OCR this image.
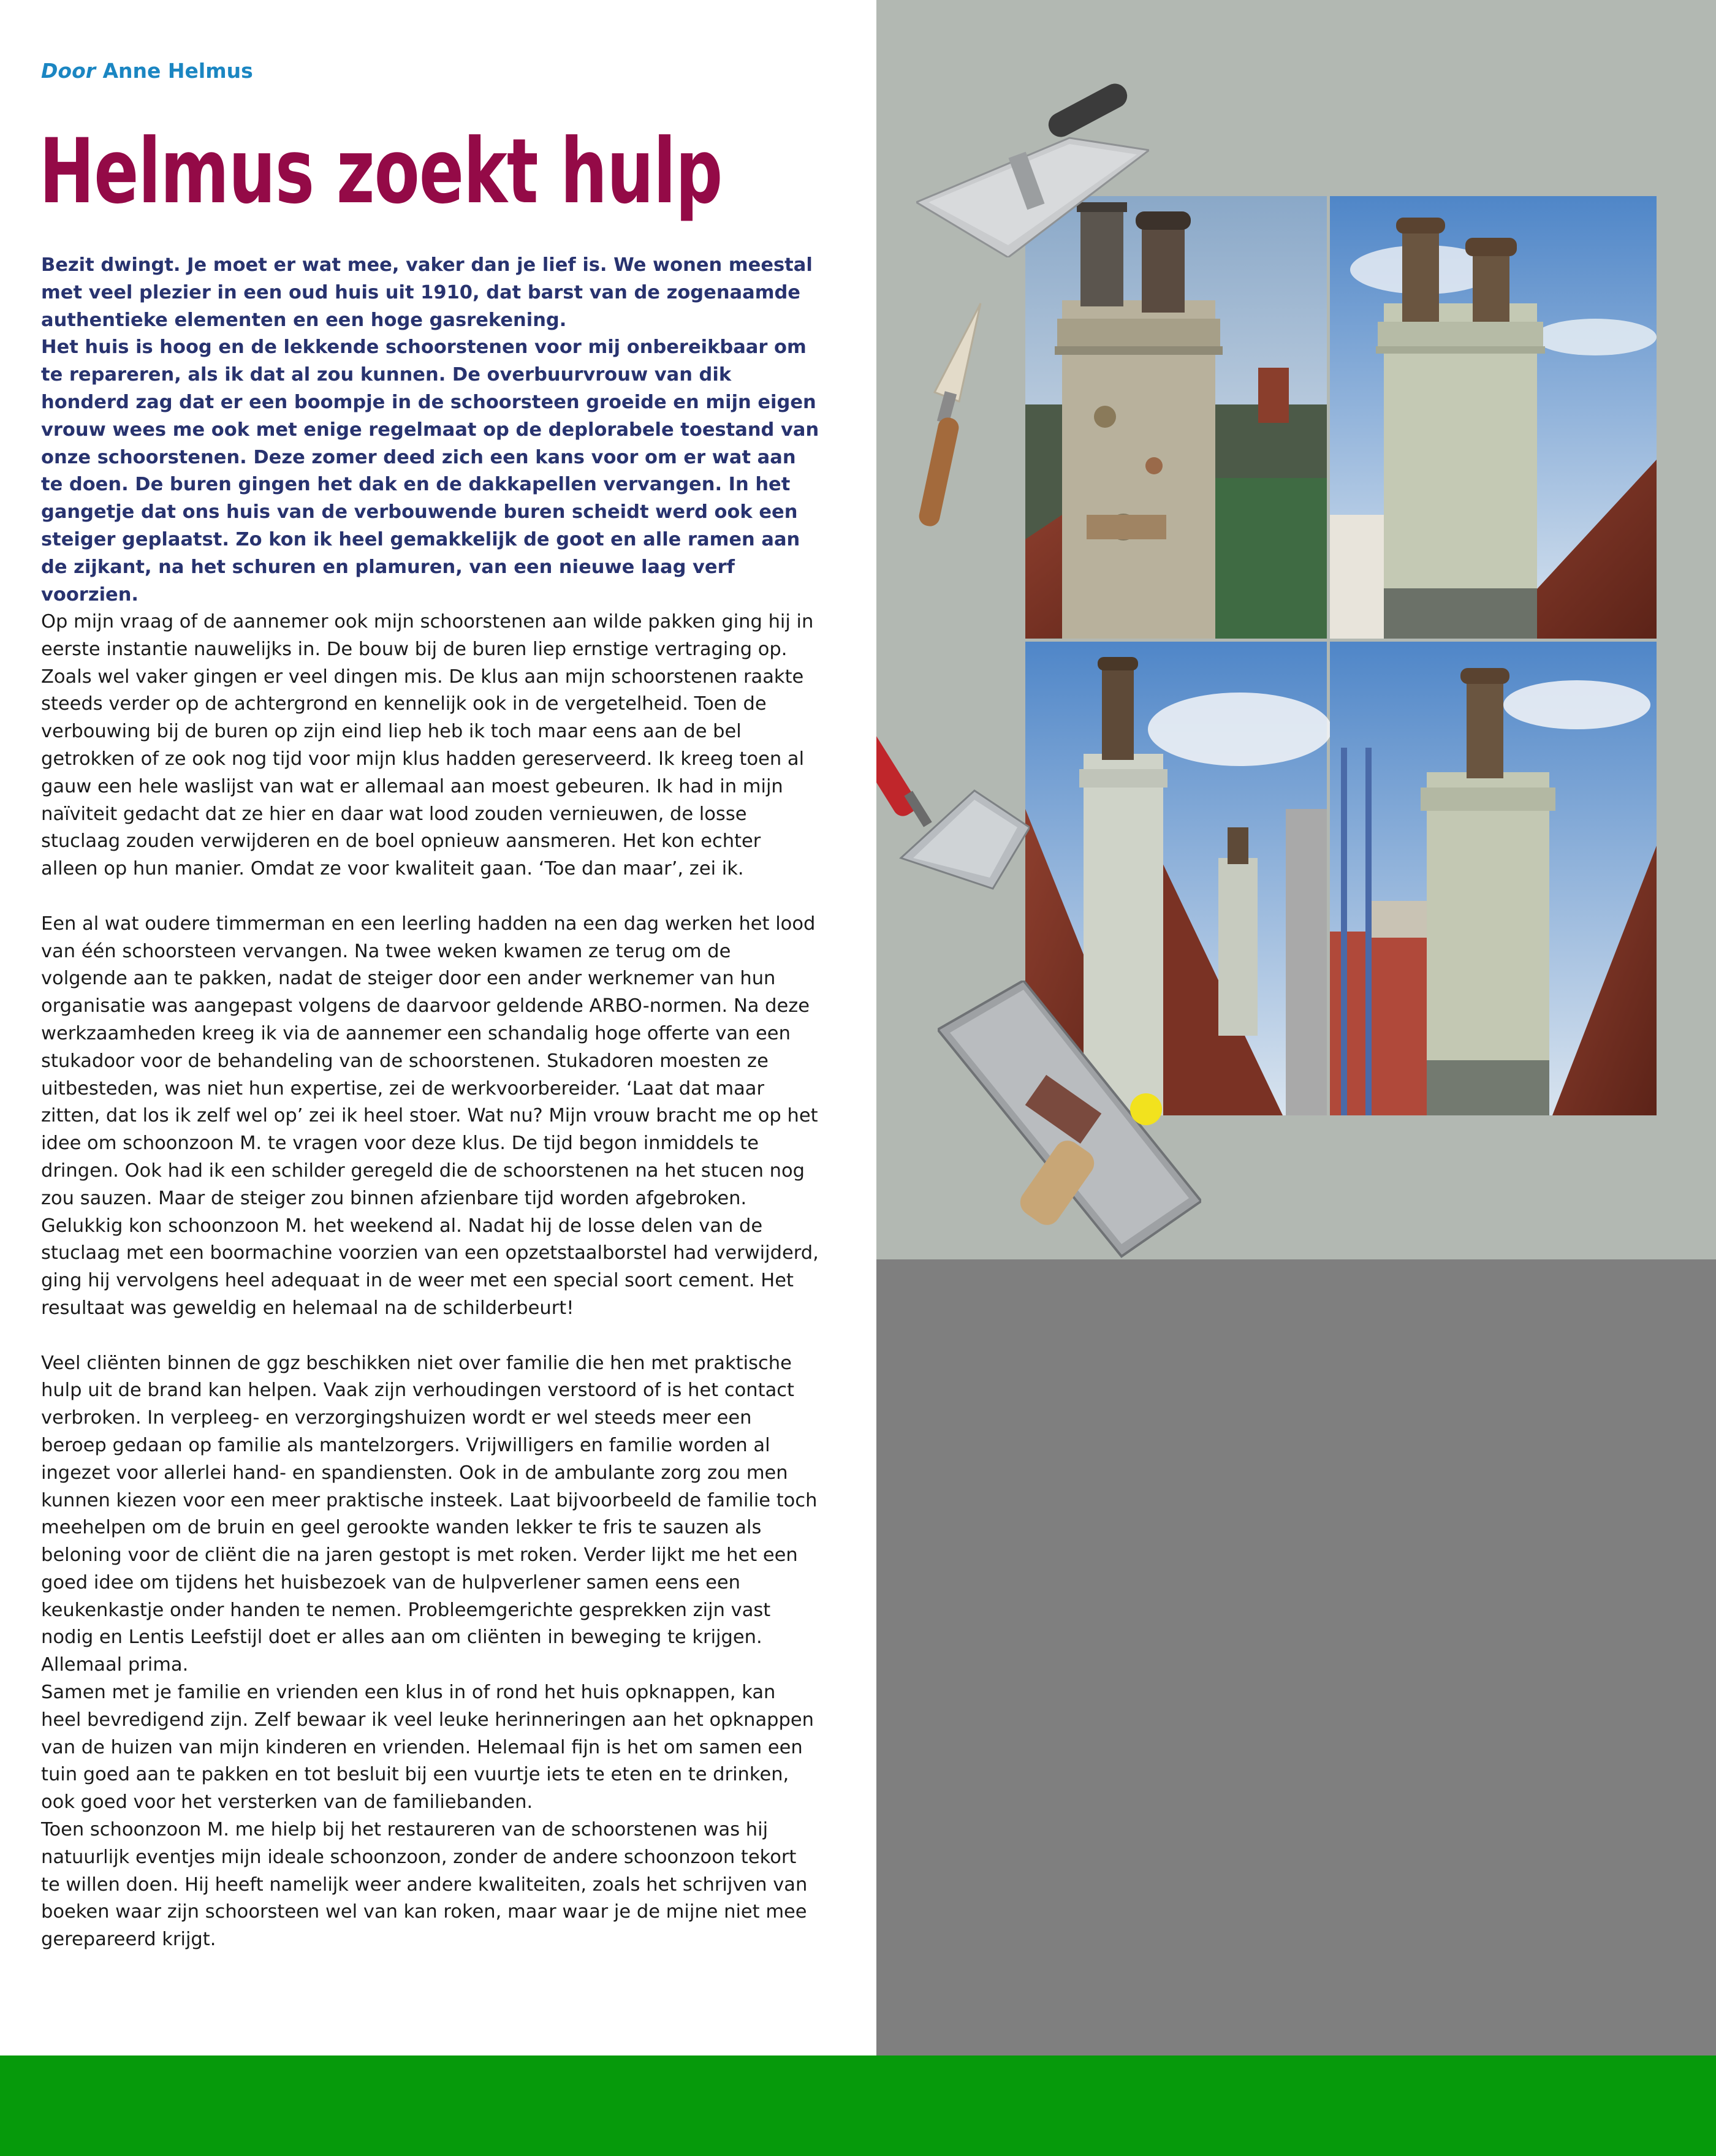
Door Anne Helmus
Helmus zoekt hulp

Bezit dwingt. Je moet er wat mee, vaker dan je lief is. We wonen meestal met veel plezier in een oud huis uit 1910, dat barst van de zogenaamde authentieke elementen en een hoge gasrekening.

Het huis is hoog en de lekkende schoorstenen voor mij onbereikbaar om te repareren, als ik dat al zou kunnen. De overbuurvrouw van dik honderd zag dat er een boompje in de schoorsteen groeide en mijn eigen vrouw wees me ook met enige regelmaat op de deplorabele toestand van onze schoorstenen. Deze zomer deed zich een kans voor om er wat aan te doen. De buren gingen het dak en de dakkapellen vervangen. In het gangetje dat ons huis van de verbouwende buren scheidt werd ook een steiger geplaatst. Zo kon ik heel gemakkelijk de goot en alle ramen aan de zijkant, na het schuren en plamuren, van een nieuwe laag verf voorzien.

Op mijn vraag of de aannemer ook mijn schoorstenen aan wilde pakken ging hij in eerste instantie nauwelijks in. De bouw bij de buren liep ernstige vertraging op. Zoals wel vaker gingen er veel dingen mis. De klus aan mijn schoorstenen raakte steeds verder op de achtergrond en kennelijk ook in de vergetelheid. Toen de verbouwing bij de buren op zijn eind liep heb ik toch maar eens aan de bel getrokken of ze ook nog tijd voor mijn klus hadden gereserveerd. Ik kreeg toen al gauw een hele waslijst van wat er allemaal aan moest gebeuren. Ik had in mijn naïviteit gedacht dat ze hier en daar wat lood zouden vernieuwen, de losse stuclaag zouden verwijderen en de boel opnieuw aansmeren. Het kon echter alleen op hun manier. Omdat ze voor kwaliteit gaan. ‘Toe dan maar’, zei ik.

Een al wat oudere timmerman en een leerling hadden na een dag werken het lood van één schoorsteen vervangen. Na twee weken kwamen ze terug om de volgende aan te pakken, nadat de steiger door een ander werknemer van hun organisatie was aangepast volgens de daarvoor geldende ARBO-normen. Na deze werkzaamheden kreeg ik via de aannemer een schandalig hoge offerte van een stukadoor voor de behandeling van de schoorstenen. Stukadoren moesten ze uitbesteden, was niet hun expertise, zei de werkvoorbereider. ‘Laat dat maar zitten, dat los ik zelf wel op’ zei ik heel stoer. Wat nu? Mijn vrouw bracht me op het idee om schoonzoon M. te vragen voor deze klus. De tijd begon inmiddels te dringen. Ook had ik een schilder geregeld die de schoorstenen na het stucen nog zou sauzen. Maar de steiger zou binnen afzienbare tijd worden afgebroken.

Gelukkig kon schoonzoon M. het weekend al. Nadat hij de losse delen van de stuclaag met een boormachine voorzien van een opzetstaalborstel had verwijderd, ging hij vervolgens heel adequaat in de weer met een special soort cement. Het resultaat was geweldig en helemaal na de schilderbeurt!

Veel cliënten binnen de ggz beschikken niet over familie die hen met praktische hulp uit de brand kan helpen. Vaak zijn verhoudingen verstoord of is het contact verbroken. In verpleeg- en verzorgingshuizen wordt er wel steeds meer een beroep gedaan op familie als mantelzorgers. Vrijwilligers en familie worden al ingezet voor allerlei hand- en spandiensten. Ook in de ambulante zorg zou men kunnen kiezen voor een meer praktische insteek. Laat bijvoorbeeld de familie toch meehelpen om de bruin en geel gerookte wanden lekker te fris te sauzen als beloning voor de cliënt die na jaren gestopt is met roken. Verder lijkt me het een goed idee om tijdens het huisbezoek van de hulpverlener samen eens een keukenkastje onder handen te nemen. Probleemgerichte gesprekken zijn vast nodig en Lentis Leefstijl doet er alles aan om cliënten in beweging te krijgen. Allemaal prima.

Samen met je familie en vrienden een klus in of rond het huis opknappen, kan heel bevredigend zijn. Zelf bewaar ik veel leuke herinneringen aan het opknappen van de huizen van mijn kinderen en vrienden. Helemaal fijn is het om samen een tuin goed aan te pakken en tot besluit bij een vuurtje iets te eten en te drinken, ook goed voor het versterken van de familiebanden.

Toen schoonzoon M. me hielp bij het restaureren van de schoorstenen was hij natuurlijk eventjes mijn ideale schoonzoon, zonder de andere schoonzoon tekort te willen doen. Hij heeft namelijk weer andere kwaliteiten, zoals het schrijven van boeken waar zijn schoorsteen wel van kan roken, maar waar je de mijne niet mee gerepareerd krijgt.
